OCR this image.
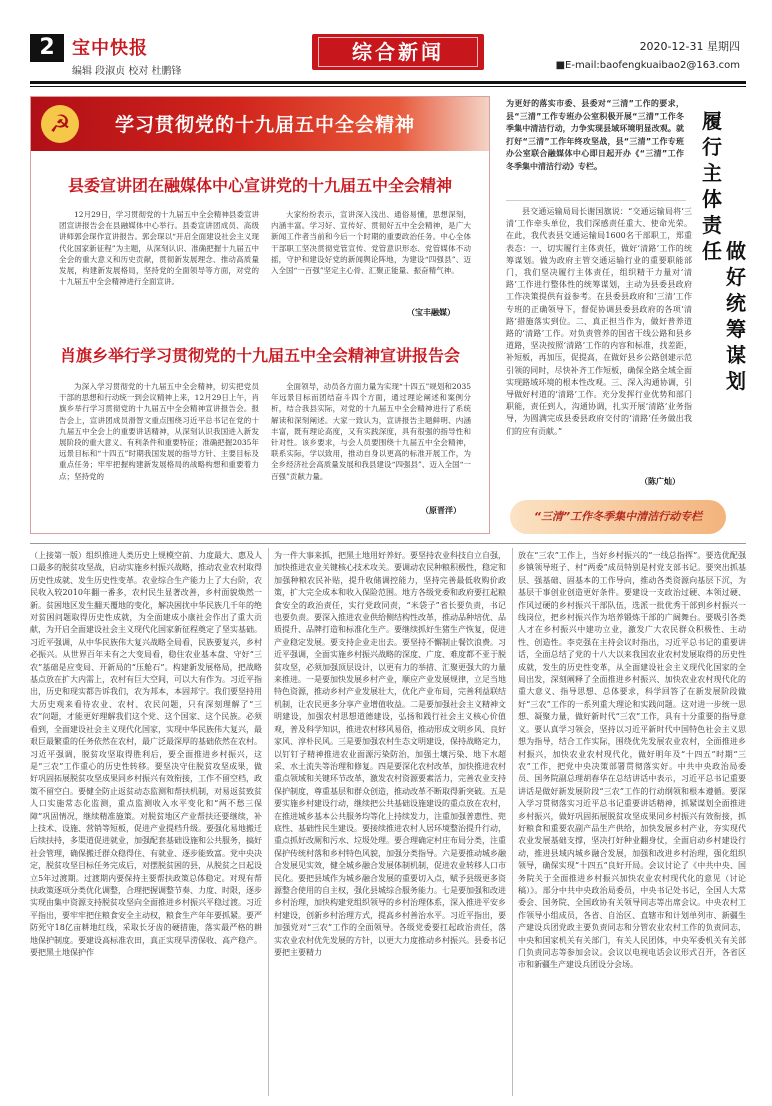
2 宝中快报
编辑 段淑贞 校对 杜鹏锋
综合新闻	2020-12-31 星期四
■E-mail:baofengkuaibao2@163.com
☭	学习贯彻党的十九届五中全会精神
县委宣讲团在融媒体中心宣讲党的十九届五中全会精神
12月29日，学习贯彻党的十九届五中全会精神县委宣讲团宣讲报告会在县融媒体中心举行。县委宣讲团成员、高级讲师郭会琛作宣讲报告。郭会琛以“开启全面建设社会主义现代化国家新征程”为主题，从深刻认识、准确把握十九届五中全会的重大意义和历史贡献，贯彻新发展理念、推动高质量发展，构建新发展格局，坚持党的全面领导等方面，对党的十九届五中全会精神进行全面宣讲。
大家纷纷表示，宣讲深入浅出、通俗易懂，思想深刻，内涵丰富。学习好、宣传好、贯彻好五中全会精神，是广大新闻工作者当前和今后一个时期的重要政治任务。中心全体干部职工坚决贯彻党管宣传、党管意识形态、党管媒体不动摇，守护和建设好党的新闻舆论阵地，为建设“四强县”、迈入全国“一百强”坚定主心骨、汇聚正能量、振奋精气神。
（宝丰融媒）
肖旗乡举行学习贯彻党的十九届五中全会精神宣讲报告会
为深入学习贯彻党的十九届五中全会精神，切实把党员干部的思想和行动统一到会议精神上来，12月29日上午，肖旗乡举行学习贯彻党的十九届五中全会精神宣讲报告会。报告会上，宣讲团成员滑智文重点围绕习近平总书记在党的十九届五中全会上的重要讲话精神，从深刻认识我国进入新发展阶段的重大意义、有利条件和重要特征；准确把握2035年远景目标和“十四五”时期我国发展的指导方针、主要目标及重点任务；牢牢把握构建新发展格局的战略构想和重要着力点；坚持党的
全面领导，动员各方面力量为实现“十四五”规划和2035年远景目标而团结奋斗四个方面，通过理论阐述和案例分析，结合我县实际，对党的十九届五中全会精神进行了系统解读和深刻阐述。大家一致认为，宣讲报告主题鲜明、内涵丰富，既有理论高度，又有实践深度，具有很强的指导性和针对性。该乡要求，与会人员要围绕十九届五中全会精神，联系实际，学以致用，推动自身以更高的标准开展工作，为全乡经济社会高质量发展和我县建设“四强县”、迈入全国“一百强”贡献力量。
（原晋洋）
为更好的落实市委、县委对“三清”工作的要求，县“三清”工作专班办公室积极开展“三清”工作冬季集中清洁行动，力争实现县域环境明显改观。就打好“三清”工作年终攻坚战，县“三清”工作专班办公室联合融媒体中心即日起开办《“三清”工作冬季集中清洁行动》专栏。
履行主体责任 做好统筹谋划
县交通运输局局长谢国旗说：“交通运输局将‘三清’工作牵头单位，我们深感责任重大、使命光荣。在此，我代表县交通运输局1600名干部职工，郑重表态：一、切实履行主体责任，做好‘清路’工作的统筹谋划。做为政府主管交通运输行业的重要职能部门，我们坚决履行主体责任，组织精干力量对‘清路’工作进行整体性的统筹谋划，主动为县委县政府工作决策提供有益参考。在县委县政府和‘三清’工作专班的正确领导下，督促协调县委县政府的各项‘清路’措施落实到位。二、真正担当作为，做好普养道路的‘清路’工作。对负责管养的国省干线公路和县乡道路，坚决按照‘清路’工作的内容和标准，找差距，补短板，再加压，促提高，在做好县乡公路创建示范引领的同时，尽快补齐工作短板，确保全路全域全面实现路域环境的根本性改观。三、深入沟通协调，引导做好村道的‘清路’工作。充分发挥行业优势和部门职能，责任到人，沟通协调，扎实开展‘清路’业务指导，为圆满完成县委县政府交付的‘清路’任务做出我们的应有贡献。”
（陈广灿）
“三清”工作冬季集中清洁行动专栏
（上接第一版）组织推进人类历史上规模空前、力度最大、惠及人口最多的脱贫攻坚战，启动实施乡村振兴战略，推动农业农村取得历史性成就、发生历史性变革。农业综合生产能力上了大台阶，农民收入较2010年翻一番多，农村民生显著改善，乡村面貌焕然一新。贫困地区发生翻天覆地的变化，解决困扰中华民族几千年的绝对贫困问题取得历史性成就，为全面建成小康社会作出了重大贡献，为开启全面建设社会主义现代化国家新征程奠定了坚实基础。习近平强调，从中华民族伟大复兴战略全局看，民族要复兴，乡村必振兴。从世界百年未有之大变局看，稳住农业基本盘、守好“三农”基础是应变局、开新局的“压舱石”。构建新发展格局，把战略基点放在扩大内需上，农村有巨大空间，可以大有作为。习近平指出，历史和现实都告诉我们，农为邦本，本固邦宁。我们要坚持用大历史观来看待农业、农村、农民问题，只有深刻理解了“三农”问题，才能更好理解我们这个党、这个国家、这个民族。必须看到，全面建设社会主义现代化国家，实现中华民族伟大复兴，最艰巨最繁重的任务依然在农村，最广泛最深厚的基础依然在农村。习近平强调，脱贫攻坚取得胜利后，要全面推进乡村振兴，这是“三农”工作重心的历史性转移。要坚决守住脱贫攻坚成果，做好巩固拓展脱贫攻坚成果同乡村振兴有效衔接，工作不留空档，政策不留空白。要健全防止返贫动态监测和帮扶机制，对易返贫致贫人口实施常态化监测，重点监测收入水平变化和“两不愁三保障”巩固情况，继续精准施策。对脱贫地区产业帮扶还要继续，补上技术、设施、营销等短板，促进产业提档升级。要强化易地搬迁后续扶持，多渠道促进就业，加强配套基础设施和公共服务，搞好社会管理，确保搬迁群众稳得住、有就业、逐步能致富。党中央决定，脱贫攻坚目标任务完成后，对摆脱贫困的县，从脱贫之日起设立5年过渡期。过渡期内要保持主要帮扶政策总体稳定。对现有帮扶政策逐项分类优化调整，合理把握调整节奏、力度、时限，逐步实现由集中资源支持脱贫攻坚向全面推进乡村振兴平稳过渡。习近平指出，要牢牢把住粮食安全主动权，粮食生产年年要抓紧。要严防死守18亿亩耕地红线，采取长牙齿的硬措施，落实最严格的耕地保护制度。要建设高标准农田，真正实现旱涝保收、高产稳产。要把黑土地保护作
为一件大事来抓，把黑土地用好养好。要坚持农业科技自立自强，加快推进农业关键核心技术攻关。要调动农民种粮积极性，稳定和加强种粮农民补贴，提升收储调控能力，坚持完善最低收购价政策，扩大完全成本和收入保险范围。地方各级党委和政府要扛起粮食安全的政治责任，实行党政同责，“米袋子”省长要负责，书记也要负责。要深入推进农业供给侧结构性改革，推动品种培优、品质提升、品牌打造和标准化生产。要继续抓好生猪生产恢复，促进产业稳定发展。要支持企业走出去。要坚持不懈制止餐饮浪费。习近平强调，全面实施乡村振兴战略的深度、广度、难度都不亚于脱贫攻坚，必须加强顶层设计，以更有力的举措、汇聚更强大的力量来推进。一是要加快发展乡村产业，顺应产业发展规律，立足当地特色资源，推动乡村产业发展壮大，优化产业布局，完善利益联结机制，让农民更多分享产业增值收益。二是要加强社会主义精神文明建设，加强农村思想道德建设，弘扬和践行社会主义核心价值观，普及科学知识，推进农村移风易俗，推动形成文明乡风、良好家风、淳朴民风。三是要加强农村生态文明建设，保持战略定力，以钉钉子精神推进农业面源污染防治，加强土壤污染、地下水超采、水土流失等治理和修复。四是要深化农村改革，加快推进农村重点领域和关键环节改革，激发农村资源要素活力，完善农业支持保护制度，尊重基层和群众创造，推动改革不断取得新突破。五是要实施乡村建设行动，继续把公共基础设施建设的重点放在农村，在推进城乡基本公共服务均等化上持续发力，注重加强普惠性、兜底性、基础性民生建设。要接续推进农村人居环境整治提升行动，重点抓好改厕和污水、垃圾处理。要合理确定村庄布局分类，注重保护传统村落和乡村特色风貌，加强分类指导。六是要推动城乡融合发展见实效，健全城乡融合发展体制机制，促进农业转移人口市民化。要把县域作为城乡融合发展的重要切入点，赋予县级更多资源整合使用的自主权，强化县城综合服务能力。七是要加强和改进乡村治理，加快构建党组织领导的乡村治理体系，深入推进平安乡村建设，创新乡村治理方式，提高乡村善治水平。习近平指出，要加强党对“三农”工作的全面领导。各级党委要扛起政治责任，落实农业农村优先发展的方针，以更大力度推动乡村振兴。县委书记要把主要精力
放在“三农”工作上，当好乡村振兴的“一线总指挥”。要选优配强乡镇领导班子、村“两委”成员特别是村党支部书记。要突出抓基层、强基础、固基本的工作导向，推动各类资源向基层下沉，为基层干事创业创造更好条件。要建设一支政治过硬、本领过硬、作风过硬的乡村振兴干部队伍，选派一批优秀干部到乡村振兴一线岗位，把乡村振兴作为培养锻炼干部的广阔舞台。要吸引各类人才在乡村振兴中建功立业，激发广大农民群众积极性、主动性、创造性。李克强在主持会议时指出，习近平总书记的重要讲话，全面总结了党的十八大以来我国农业农村发展取得的历史性成就，发生的历史性变革，从全面建设社会主义现代化国家的全局出发，深刻阐释了全面推进乡村振兴、加快农业农村现代化的重大意义、指导思想、总体要求，科学回答了在新发展阶段做好“三农”工作的一系列重大理论和实践问题。这对进一步统一思想、凝聚力量，做好新时代“三农”工作，具有十分重要的指导意义。要认真学习领会，坚持以习近平新时代中国特色社会主义思想为指导，结合工作实际，围绕优先发展农业农村，全面推进乡村振兴，加快农业农村现代化，做好明年及“十四五”时期“三农”工作，把党中央决策部署贯彻落实好。中共中央政治局委员、国务院副总理胡春华在总结讲话中表示，习近平总书记重要讲话是做好新发展阶段“三农”工作的行动纲领和根本遵循。要深入学习贯彻落实习近平总书记重要讲话精神，抓紧谋划全面推进乡村振兴，做好巩固拓展脱贫攻坚成果同乡村振兴有效衔接，抓好粮食和重要农副产品生产供给，加快发展乡村产业，夯实现代农业发展基础支撑，坚决打好种业翻身仗，全面启动乡村建设行动，推进县域内城乡融合发展，加强和改进乡村治理，强化组织领导，确保实现“十四五”良好开局。会议讨论了《中共中央、国务院关于全面推进乡村振兴加快农业农村现代化的意见（讨论稿）》。部分中共中央政治局委员，中央书记处书记，全国人大常委会、国务院、全国政协有关领导同志等出席会议。中央农村工作领导小组成员，各省、自治区、直辖市和计划单列市、新疆生产建设兵团党政主要负责同志和分管农业农村工作的负责同志，中央和国家机关有关部门，有关人民团体，中央军委机关有关部门负责同志等参加会议。会议以电视电话会议形式召开，各省区市和新疆生产建设兵团设分会场。
